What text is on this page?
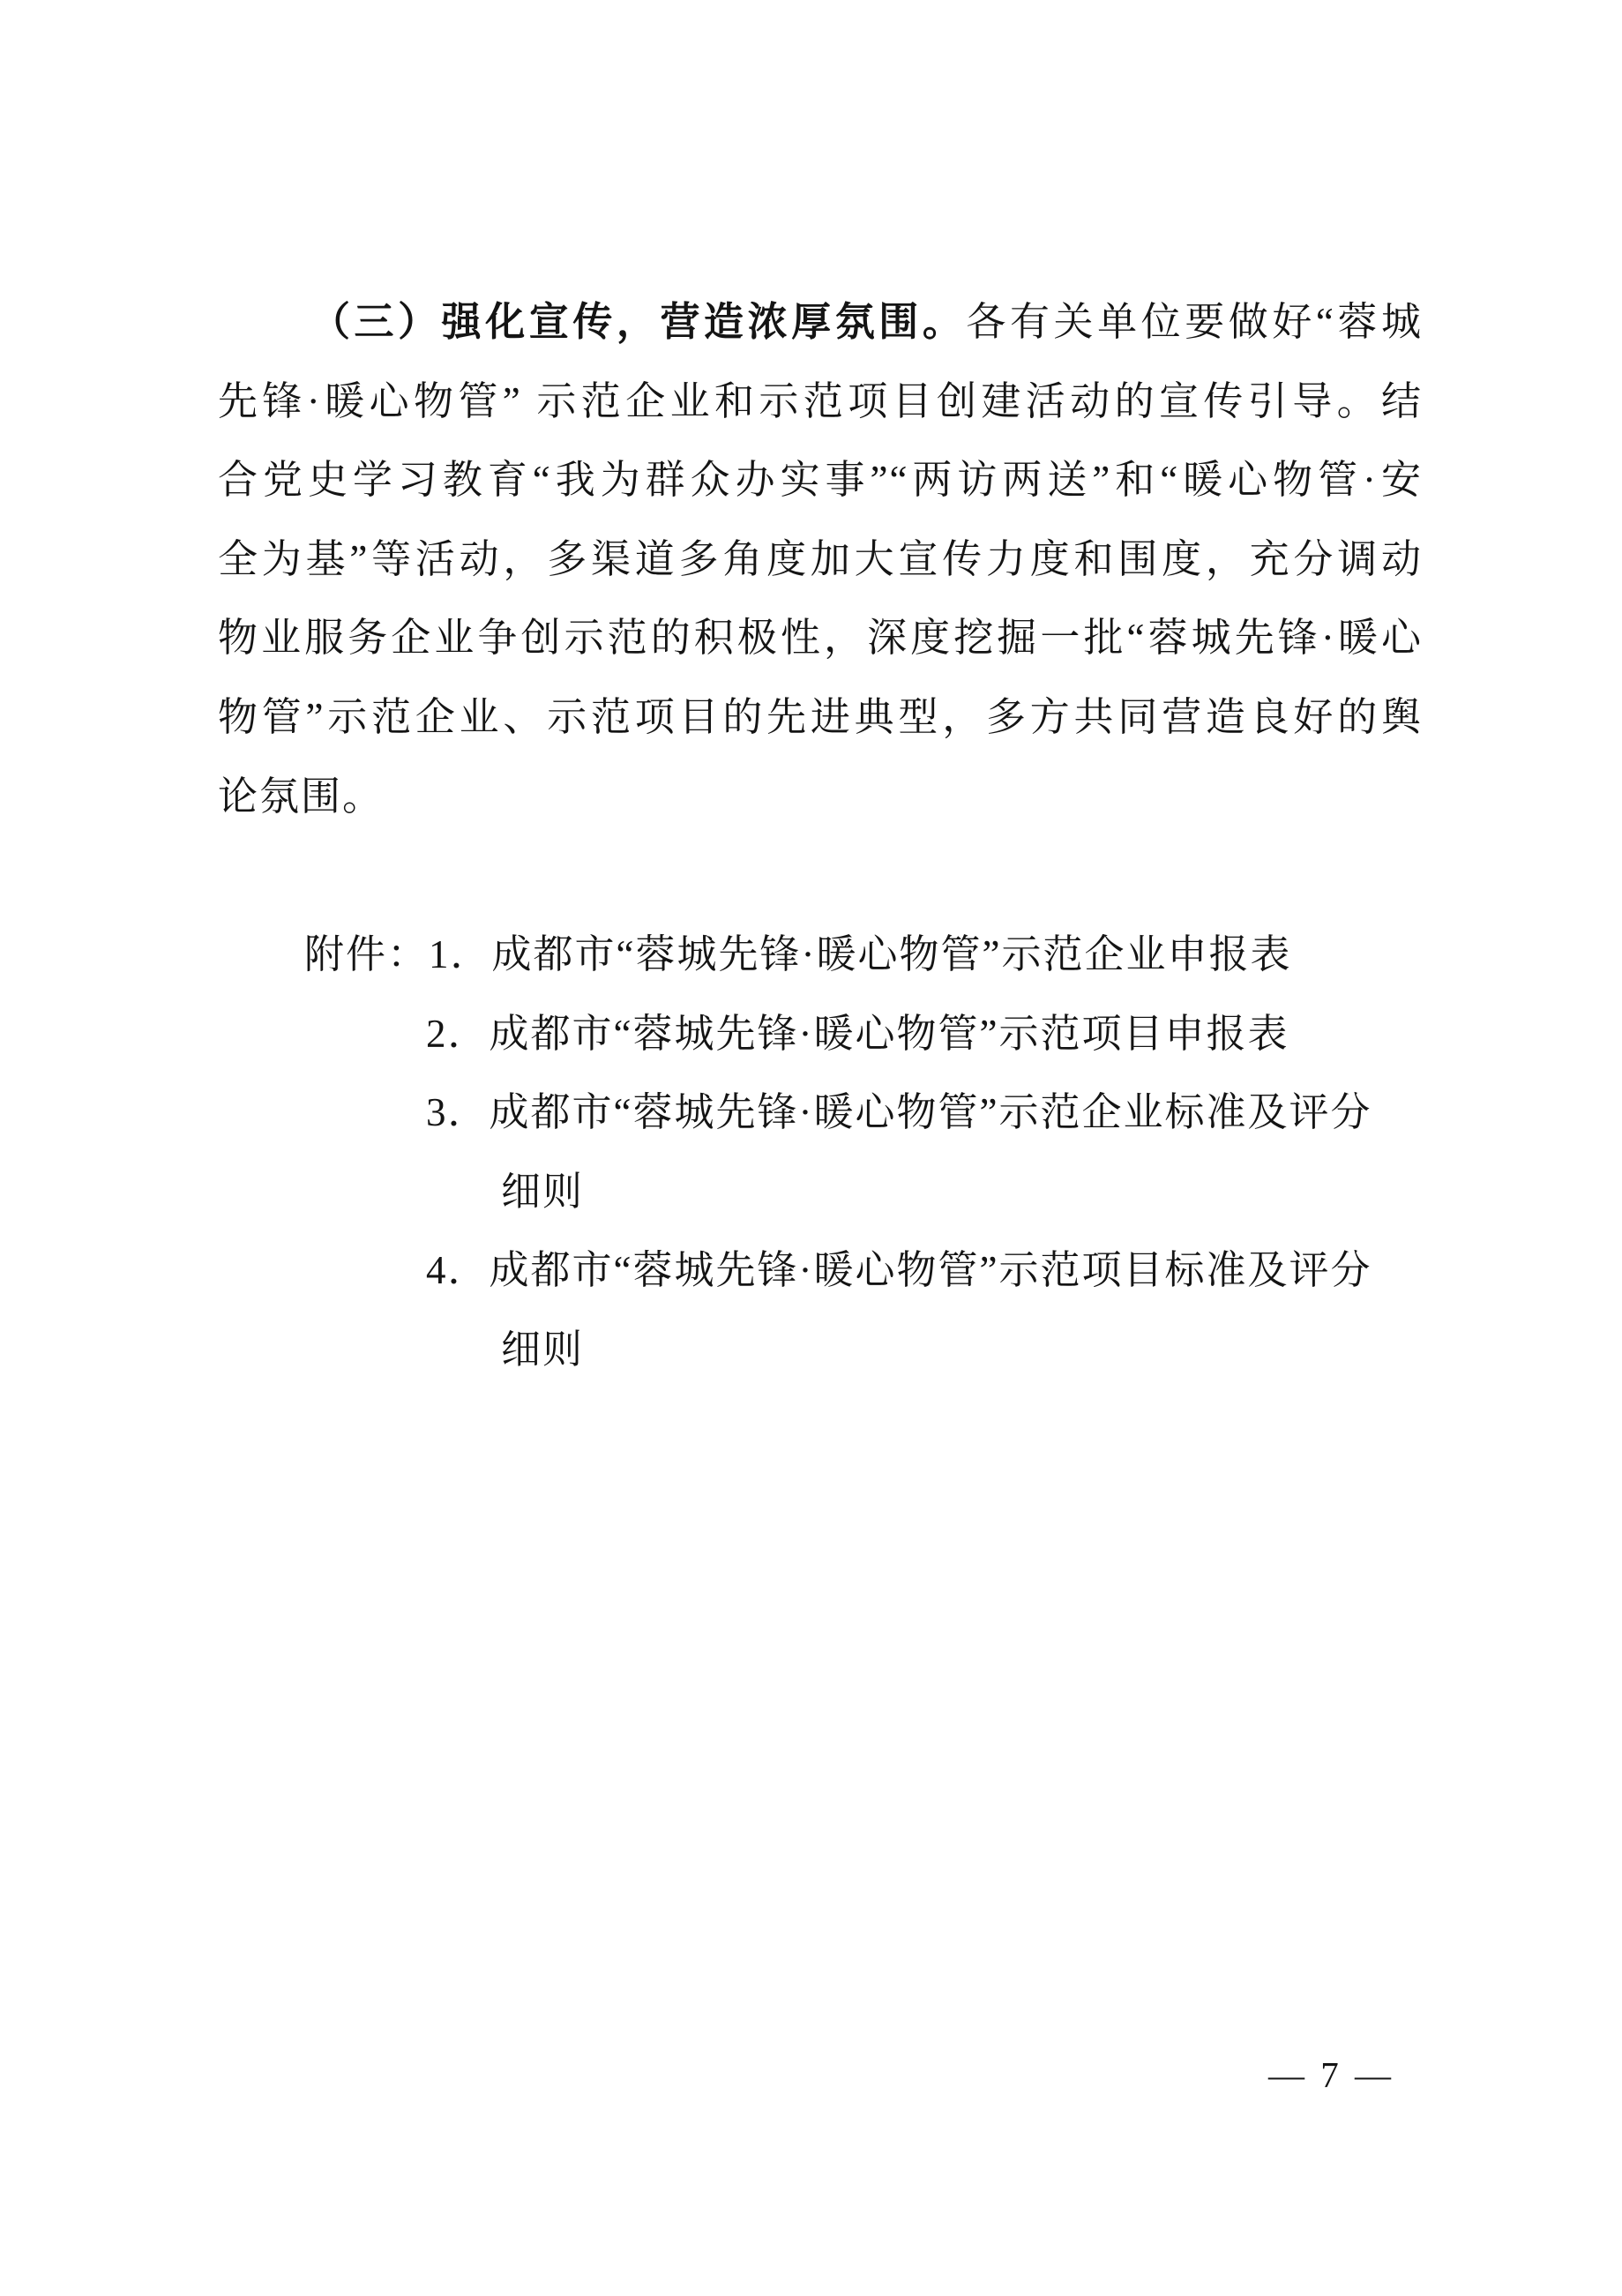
（三）强化宣传，营造浓厚氛围。各有关单位要做好“蓉城
先锋·暖心物管” 示范企业和示范项目创建活动的宣传引导。结
合党史学习教育“我为群众办实事”“两访两送”和“暖心物管·安
全为基”等活动，多渠道多角度加大宣传力度和围度，充分调动
物业服务企业争创示范的积极性，深度挖掘一批“蓉城先锋·暖心
物管”示范企业、示范项目的先进典型，多方共同营造良好的舆
论氛围。
附件：1．成都市“蓉城先锋·暖心物管”示范企业申报表
2．成都市“蓉城先锋·暖心物管”示范项目申报表
3．成都市“蓉城先锋·暖心物管”示范企业标准及评分
细则
4．成都市“蓉城先锋·暖心物管”示范项目标准及评分
细则
— 7 —
